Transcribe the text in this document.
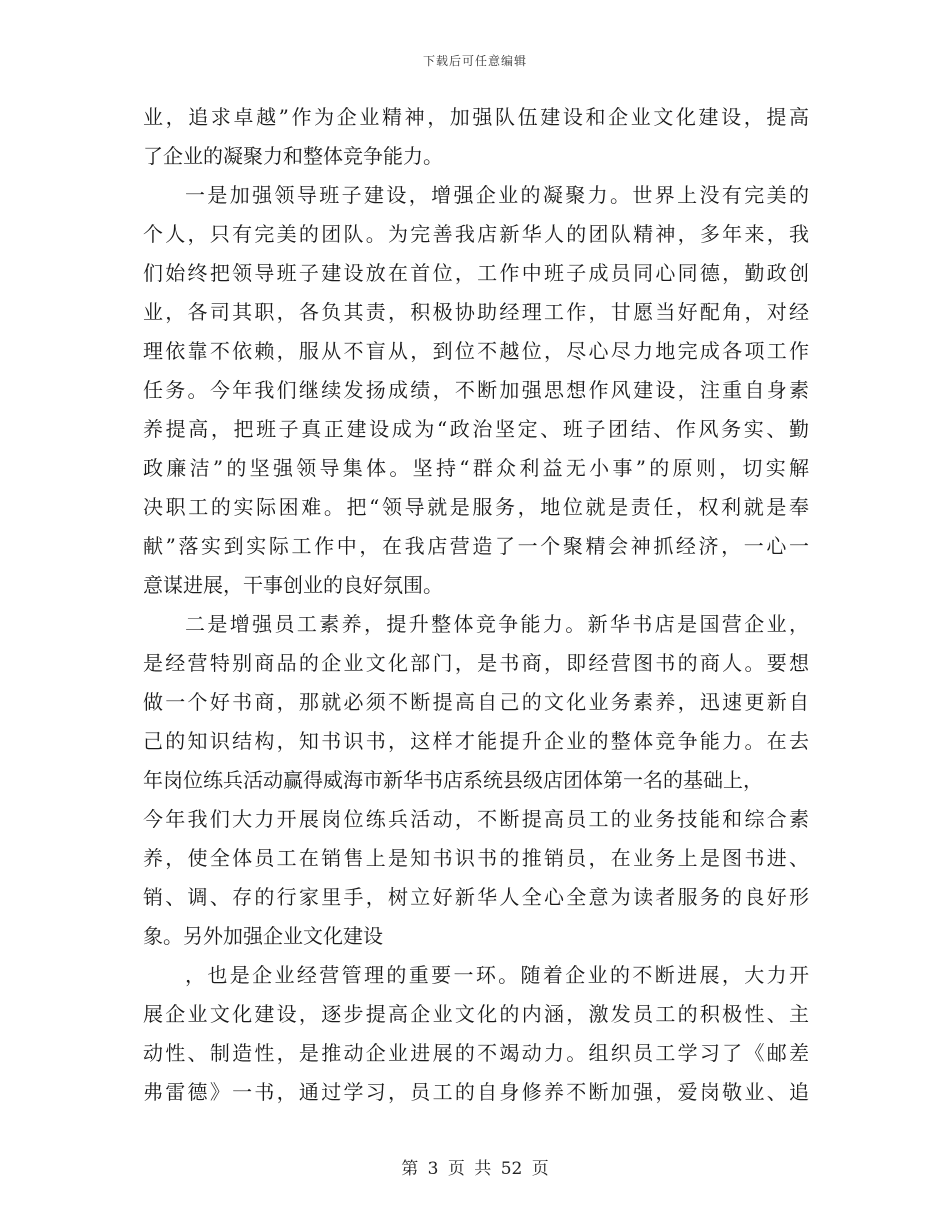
下载后可任意编辑
业，追求卓越”作为企业精神，加强队伍建设和企业文化建设，提高
了企业的凝聚力和整体竞争能力。
一是加强领导班子建设，增强企业的凝聚力。世界上没有完美的
个人，只有完美的团队。为完善我店新华人的团队精神，多年来，我
们始终把领导班子建设放在首位，工作中班子成员同心同德，勤政创
业，各司其职，各负其责，积极协助经理工作，甘愿当好配角，对经
理依靠不依赖，服从不盲从，到位不越位，尽心尽力地完成各项工作
任务。今年我们继续发扬成绩，不断加强思想作风建设，注重自身素
养提高，把班子真正建设成为“政治坚定、班子团结、作风务实、勤
政廉洁”的坚强领导集体。坚持“群众利益无小事”的原则，切实解
决职工的实际困难。把“领导就是服务，地位就是责任，权利就是奉
献”落实到实际工作中，在我店营造了一个聚精会神抓经济，一心一
意谋进展，干事创业的良好氛围。
二是增强员工素养，提升整体竞争能力。新华书店是国营企业，
是经营特别商品的企业文化部门，是书商，即经营图书的商人。要想
做一个好书商，那就必须不断提高自己的文化业务素养，迅速更新自
己的知识结构，知书识书，这样才能提升企业的整体竞争能力。在去
年岗位练兵活动赢得威海市新华书店系统县级店团体第一名的基础上，
今年我们大力开展岗位练兵活动，不断提高员工的业务技能和综合素
养，使全体员工在销售上是知书识书的推销员，在业务上是图书进、
销、调、存的行家里手，树立好新华人全心全意为读者服务的良好形
象。另外加强企业文化建设
，也是企业经营管理的重要一环。随着企业的不断进展，大力开
展企业文化建设，逐步提高企业文化的内涵，激发员工的积极性、主
动性、制造性，是推动企业进展的不竭动力。组织员工学习了《邮差
弗雷德》一书，通过学习，员工的自身修养不断加强，爱岗敬业、追
第 3 页 共 52 页
